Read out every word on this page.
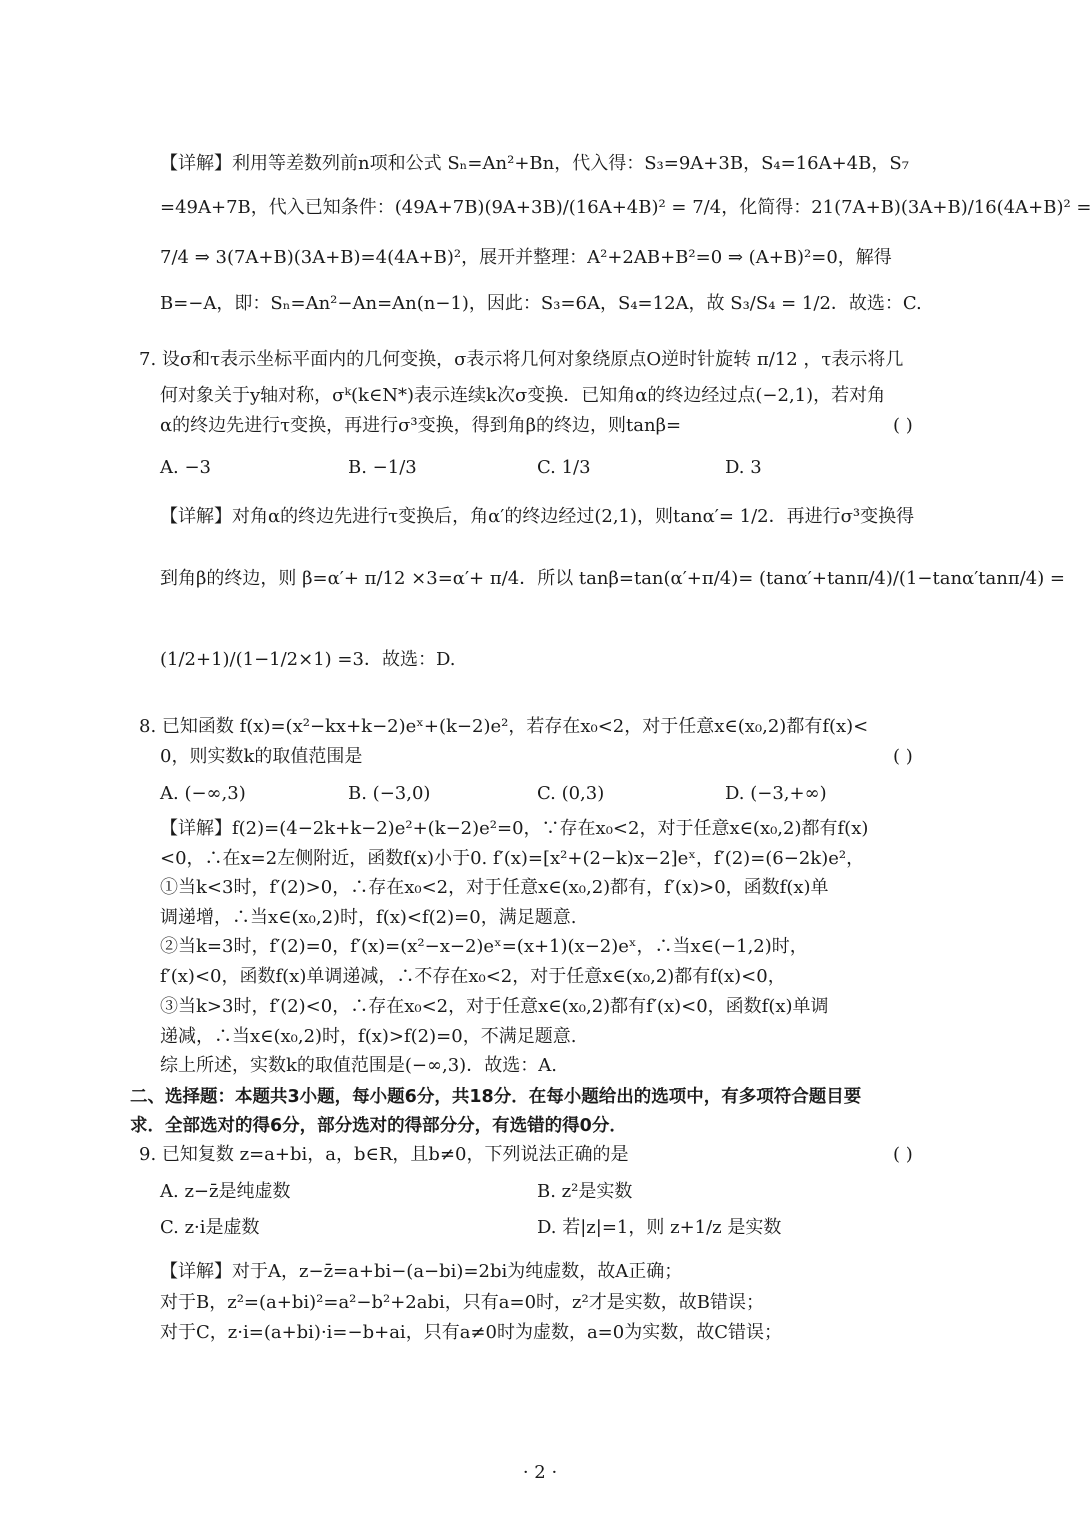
【详解】利用等差数列前n项和公式 Sₙ=An²+Bn，代入得：S₃=9A+3B，S₄=16A+4B，S₇
=49A+7B，代入已知条件：(49A+7B)(9A+3B)/(16A+4B)² = 7/4，化简得：21(7A+B)(3A+B)/16(4A+B)² =
7/4 ⇒ 3(7A+B)(3A+B)=4(4A+B)²，展开并整理：A²+2AB+B²=0 ⇒ (A+B)²=0，解得
B=−A，即：Sₙ=An²−An=An(n−1)，因此：S₃=6A，S₄=12A，故 S₃/S₄ = 1/2．故选：C.
7. 设σ和τ表示坐标平面内的几何变换，σ表示将几何对象绕原点O逆时针旋转 π/12 ，τ表示将几
何对象关于y轴对称，σᵏ(k∈N*)表示连续k次σ变换．已知角α的终边经过点(−2,1)，若对角
α的终边先进行τ变换，再进行σ³变换，得到角β的终边，则tanβ=	( )
A. −3	B. −1/3	C. 1/3	D. 3
【详解】对角α的终边先进行τ变换后，角α′的终边经过(2,1)，则tanα′= 1/2．再进行σ³变换得
到角β的终边，则 β=α′+ π/12 ×3=α′+ π/4．所以 tanβ=tan(α′+π/4)= (tanα′+tanπ/4)/(1−tanα′tanπ/4) =
(1/2+1)/(1−1/2×1) =3．故选：D.
8. 已知函数 f(x)=(x²−kx+k−2)eˣ+(k−2)e²，若存在x₀<2，对于任意x∈(x₀,2)都有f(x)<
0，则实数k的取值范围是	( )
A. (−∞,3)	B. (−3,0)	C. (0,3)	D. (−3,+∞)
【详解】f(2)=(4−2k+k−2)e²+(k−2)e²=0，∵存在x₀<2，对于任意x∈(x₀,2)都有f(x)
<0，∴在x=2左侧附近，函数f(x)小于0. f′(x)=[x²+(2−k)x−2]eˣ，f′(2)=(6−2k)e²，
①当k<3时，f′(2)>0，∴存在x₀<2，对于任意x∈(x₀,2)都有，f′(x)>0，函数f(x)单
调递增，∴当x∈(x₀,2)时，f(x)<f(2)=0，满足题意.
②当k=3时，f′(2)=0，f′(x)=(x²−x−2)eˣ=(x+1)(x−2)eˣ，∴当x∈(−1,2)时，
f′(x)<0，函数f(x)单调递减，∴不存在x₀<2，对于任意x∈(x₀,2)都有f(x)<0，
③当k>3时，f′(2)<0，∴存在x₀<2，对于任意x∈(x₀,2)都有f′(x)<0，函数f(x)单调
递减，∴当x∈(x₀,2)时，f(x)>f(2)=0，不满足题意.
综上所述，实数k的取值范围是(−∞,3)．故选：A.
二、选择题：本题共3小题，每小题6分，共18分．在每小题给出的选项中，有多项符合题目要
求．全部选对的得6分，部分选对的得部分分，有选错的得0分．
9. 已知复数 z=a+bi，a，b∈R，且b≠0，下列说法正确的是	( )
A. z−z̄是纯虚数	B. z²是实数
C. z·i是虚数	D. 若|z|=1，则 z+1/z 是实数
【详解】对于A，z−z̄=a+bi−(a−bi)=2bi为纯虚数，故A正确；
对于B，z²=(a+bi)²=a²−b²+2abi，只有a=0时，z²才是实数，故B错误；
对于C，z·i=(a+bi)·i=−b+ai，只有a≠0时为虚数，a=0为实数，故C错误；
· 2 ·
